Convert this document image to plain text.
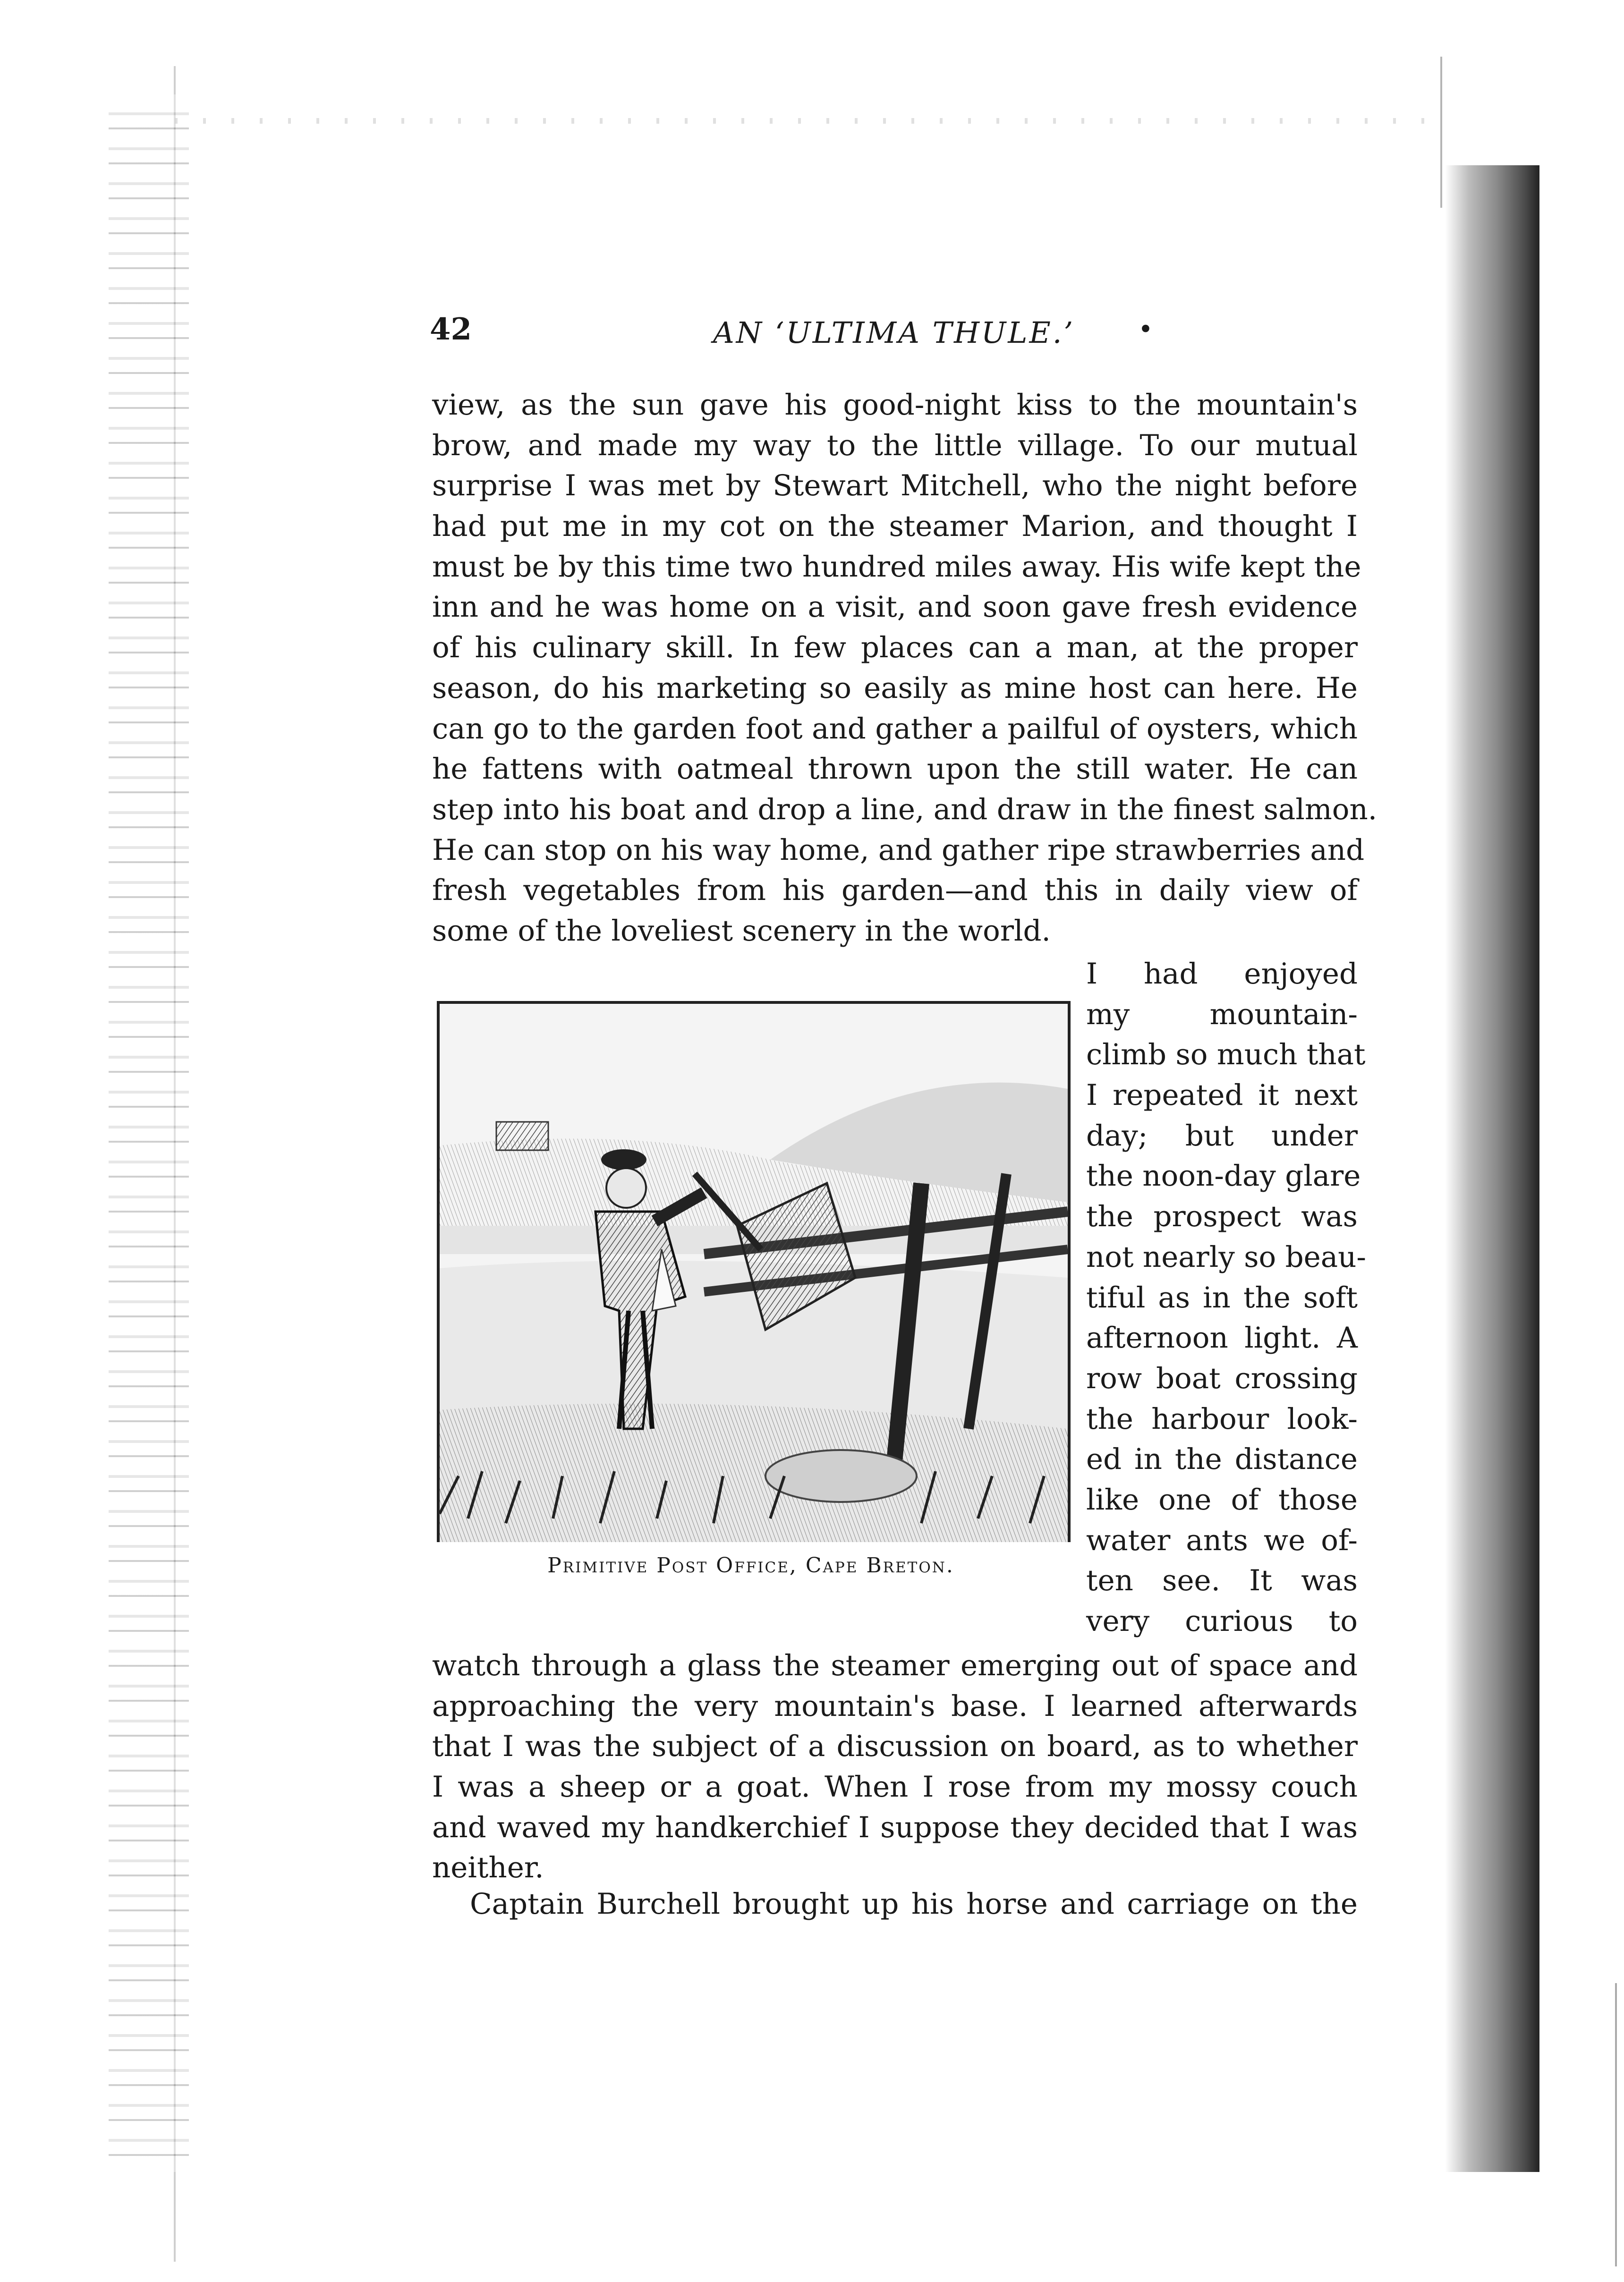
42	AN ‘ULTIMA THULE.’ •
view, as the sun gave his good-night kiss to the mountain's
brow, and made my way to the little village. To our mutual
surprise I was met by Stewart Mitchell, who the night before
had put me in my cot on the steamer Marion, and thought I
must be by this time two hundred miles away. His wife kept the
inn and he was home on a visit, and soon gave fresh evidence
of his culinary skill. In few places can a man, at the proper
season, do his marketing so easily as mine host can here. He
can go to the garden foot and gather a pailful of oysters, which
he fattens with oatmeal thrown upon the still water. He can
step into his boat and drop a line, and draw in the finest salmon.
He can stop on his way home, and gather ripe strawberries and
fresh vegetables from his garden—and this in daily view of
some of the loveliest scenery in the world.
Primitive Post Office, Cape Breton.
I had enjoyed
my mountain-
climb so much that
I repeated it next
day; but under
the noon-day glare
the prospect was
not nearly so beau-
tiful as in the soft
afternoon light. A
row boat crossing
the harbour look-
ed in the distance
like one of those
water ants we of-
ten see. It was
very curious to
watch through a glass the steamer emerging out of space and
approaching the very mountain's base. I learned afterwards
that I was the subject of a discussion on board, as to whether
I was a sheep or a goat. When I rose from my mossy couch
and waved my handkerchief I suppose they decided that I was
neither.
Captain Burchell brought up his horse and carriage on the
